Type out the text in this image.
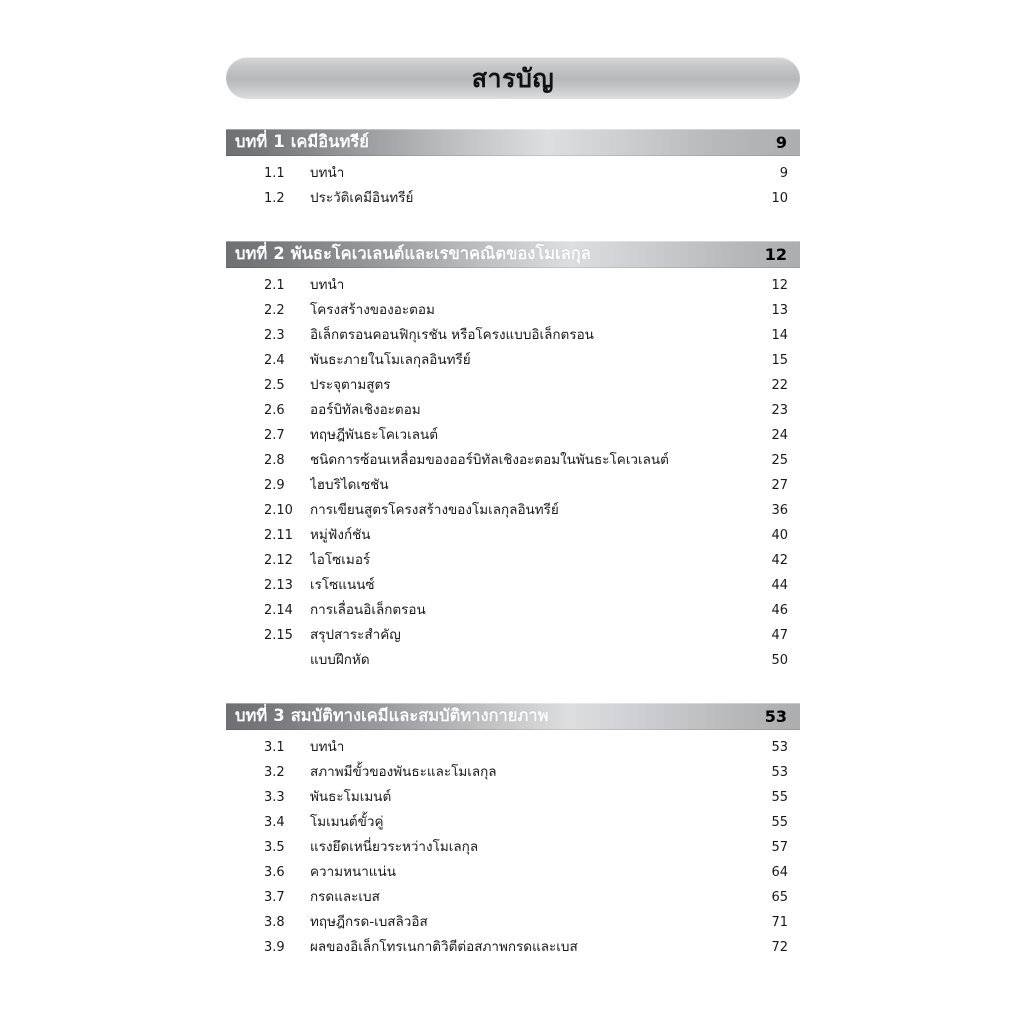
สารบัญ
บทที่ 1 เคมีอินทรีย์	9
1.1	บทนำ	9
1.2	ประวัติเคมีอินทรีย์	10
บทที่ 2 พันธะโคเวเลนต์และเรขาคณิตของโมเลกุล	12
2.1	บทนำ	12
2.2	โครงสร้างของอะตอม	13
2.3	อิเล็กตรอนคอนฟิกุเรชัน หรือโครงแบบอิเล็กตรอน	14
2.4	พันธะภายในโมเลกุลอินทรีย์	15
2.5	ประจุตามสูตร	22
2.6	ออร์บิทัลเชิงอะตอม	23
2.7	ทฤษฎีพันธะโคเวเลนต์	24
2.8	ชนิดการซ้อนเหลื่อมของออร์บิทัลเชิงอะตอมในพันธะโคเวเลนต์	25
2.9	ไฮบริไดเซชัน	27
2.10	การเขียนสูตรโครงสร้างของโมเลกุลอินทรีย์	36
2.11	หมู่ฟังก์ชัน	40
2.12	ไอโซเมอร์	42
2.13	เรโซแนนซ์	44
2.14	การเลื่อนอิเล็กตรอน	46
2.15	สรุปสาระสำคัญ	47
แบบฝึกหัด	50
บทที่ 3 สมบัติทางเคมีและสมบัติทางกายภาพ	53
3.1	บทนำ	53
3.2	สภาพมีขั้วของพันธะและโมเลกุล	53
3.3	พันธะโมเมนต์	55
3.4	โมเมนต์ขั้วคู่	55
3.5	แรงยึดเหนี่ยวระหว่างโมเลกุล	57
3.6	ความหนาแน่น	64
3.7	กรดและเบส	65
3.8	ทฤษฎีกรด-เบสลิวอิส	71
3.9	ผลของอิเล็กโทรเนกาติวิตีต่อสภาพกรดและเบส	72
